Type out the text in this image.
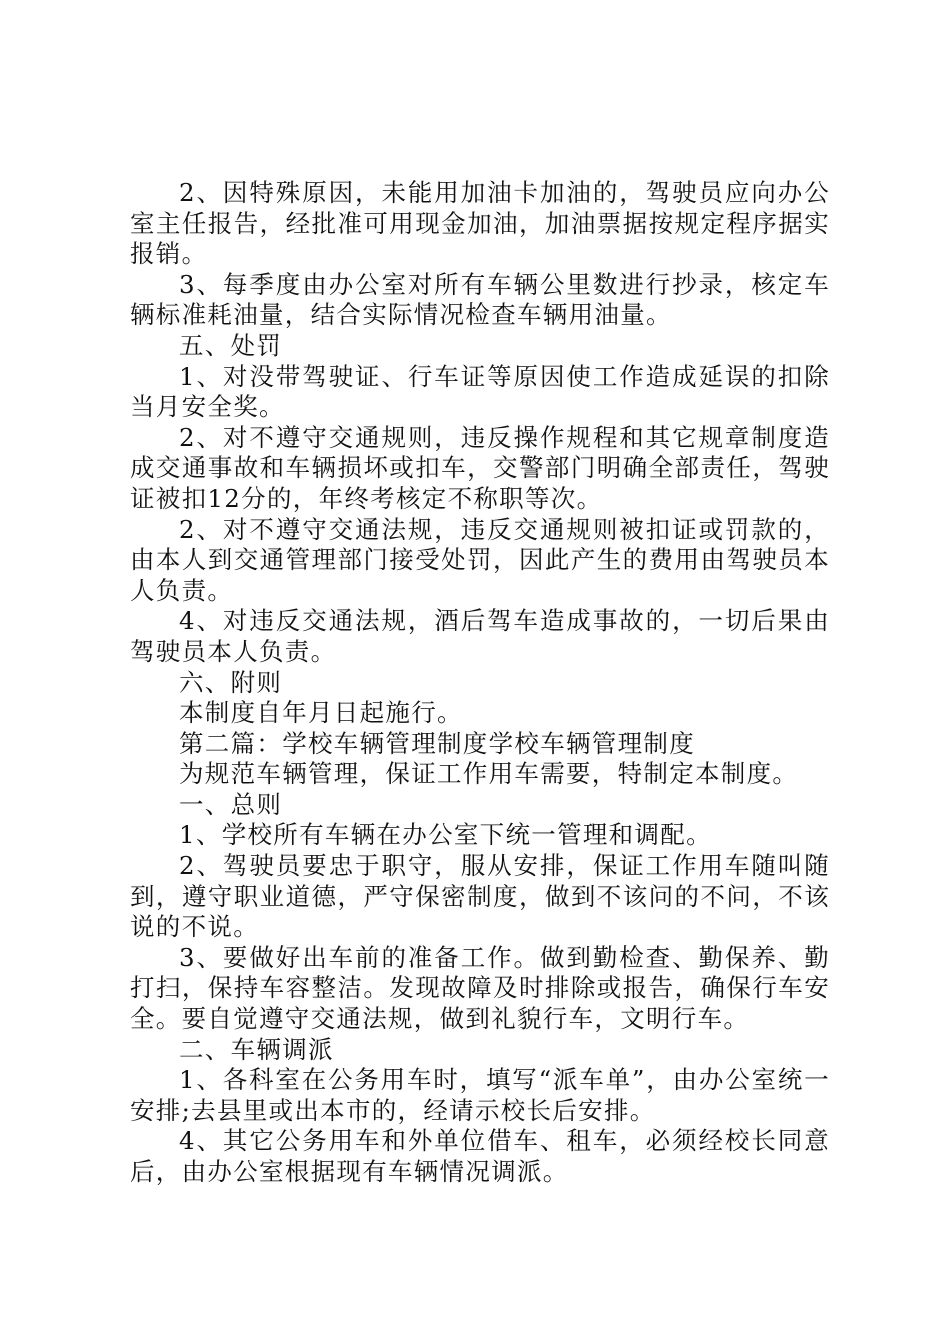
2、因特殊原因，未能用加油卡加油的，驾驶员应向办公室主任报告，经批准可用现金加油，加油票据按规定程序据实报销。

3、每季度由办公室对所有车辆公里数进行抄录，核定车辆标准耗油量，结合实际情况检查车辆用油量。

五、处罚

1、对没带驾驶证、行车证等原因使工作造成延误的扣除当月安全奖。

2、对不遵守交通规则，违反操作规程和其它规章制度造成交通事故和车辆损坏或扣车，交警部门明确全部责任，驾驶证被扣12分的，年终考核定不称职等次。

2、对不遵守交通法规，违反交通规则被扣证或罚款的，由本人到交通管理部门接受处罚，因此产生的费用由驾驶员本人负责。

4、对违反交通法规，酒后驾车造成事故的，一切后果由驾驶员本人负责。

六、附则

本制度自年月日起施行。

第二篇：学校车辆管理制度学校车辆管理制度

为规范车辆管理，保证工作用车需要，特制定本制度。

一、总则

1、学校所有车辆在办公室下统一管理和调配。

2、驾驶员要忠于职守，服从安排，保证工作用车随叫随到，遵守职业道德，严守保密制度，做到不该问的不问，不该说的不说。

3、要做好出车前的准备工作。做到勤检查、勤保养、勤打扫，保持车容整洁。发现故障及时排除或报告，确保行车安全。要自觉遵守交通法规，做到礼貌行车，文明行车。

二、车辆调派

1、各科室在公务用车时，填写“派车单”，由办公室统一安排;去县里或出本市的，经请示校长后安排。

4、其它公务用车和外单位借车、租车，必须经校长同意后，由办公室根据现有车辆情况调派。
